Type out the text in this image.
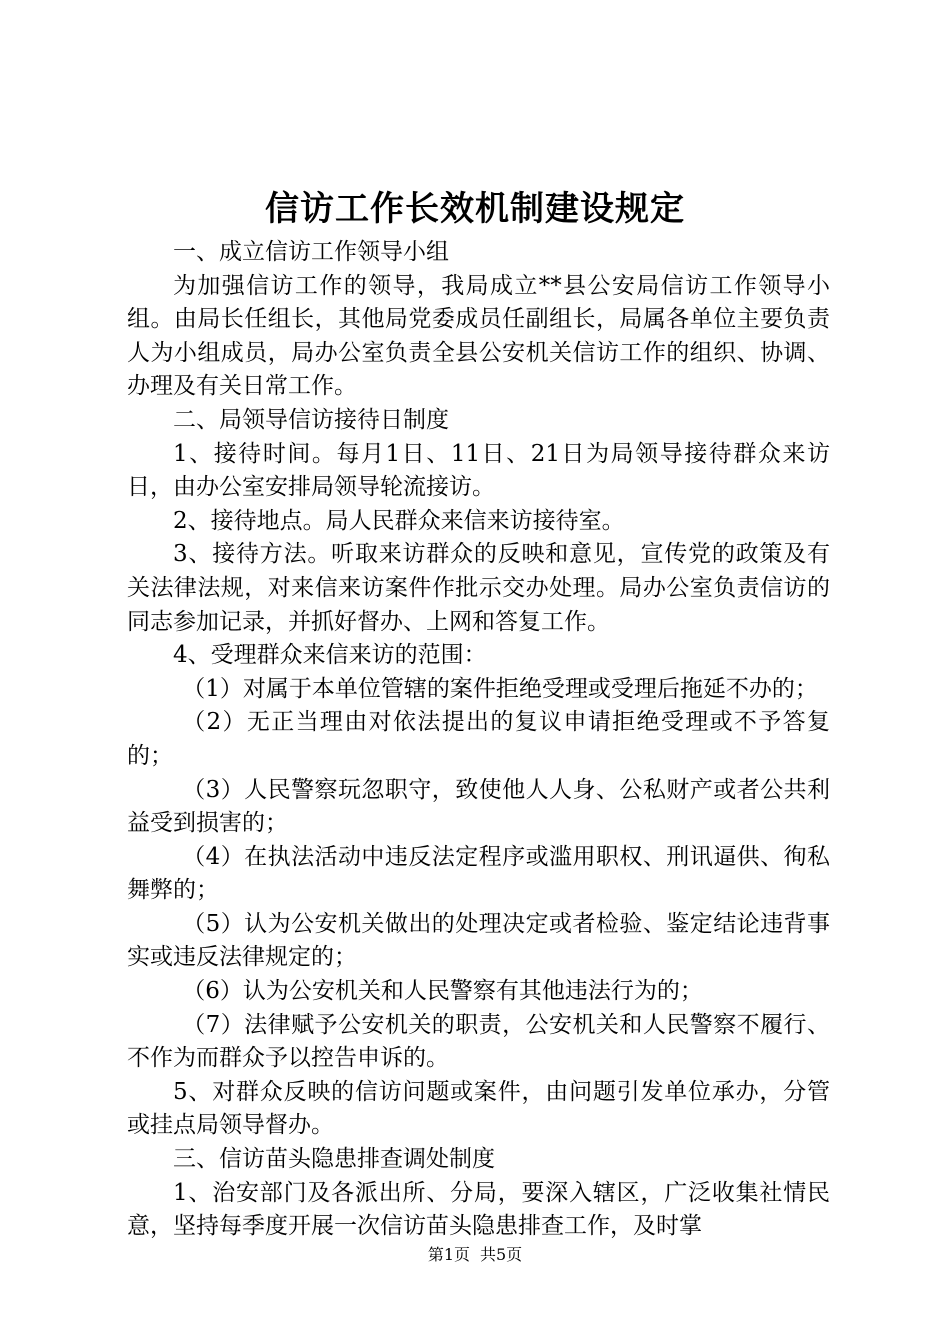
信访工作长效机制建设规定

一、成立信访工作领导小组

为加强信访工作的领导，我局成立**县公安局信访工作领导小组。由局长任组长，其他局党委成员任副组长，局属各单位主要负责人为小组成员，局办公室负责全县公安机关信访工作的组织、协调、办理及有关日常工作。

二、局领导信访接待日制度

1、接待时间。每月1日、11日、21日为局领导接待群众来访日，由办公室安排局领导轮流接访。

2、接待地点。局人民群众来信来访接待室。

3、接待方法。听取来访群众的反映和意见，宣传党的政策及有关法律法规，对来信来访案件作批示交办处理。局办公室负责信访的同志参加记录，并抓好督办、上网和答复工作。

4、受理群众来信来访的范围：

（1）对属于本单位管辖的案件拒绝受理或受理后拖延不办的；

（2）无正当理由对依法提出的复议申请拒绝受理或不予答复的；

（3）人民警察玩忽职守，致使他人人身、公私财产或者公共利益受到损害的；

（4）在执法活动中违反法定程序或滥用职权、刑讯逼供、徇私舞弊的；

（5）认为公安机关做出的处理决定或者检验、鉴定结论违背事实或违反法律规定的；

（6）认为公安机关和人民警察有其他违法行为的；

（7）法律赋予公安机关的职责，公安机关和人民警察不履行、不作为而群众予以控告申诉的。

5、对群众反映的信访问题或案件，由问题引发单位承办，分管或挂点局领导督办。

三、信访苗头隐患排查调处制度

1、治安部门及各派出所、分局，要深入辖区，广泛收集社情民意，坚持每季度开展一次信访苗头隐患排查工作，及时掌

第1页 共5页
